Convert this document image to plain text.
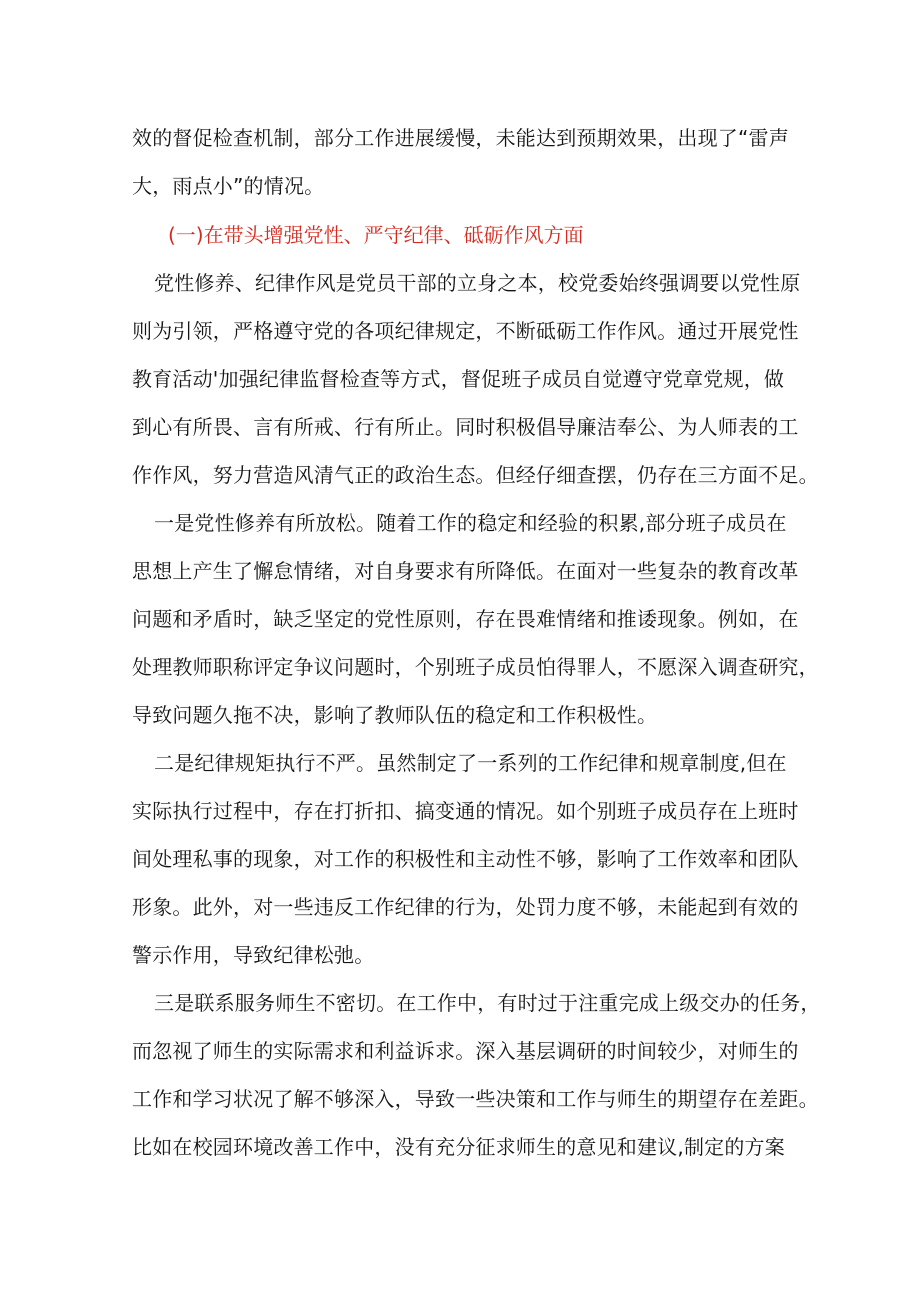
效的督促检查机制，部分工作进展缓慢，未能达到预期效果，出现了“雷声
大，雨点小”的情况。
(一)在带头增强党性、严守纪律、砥砺作风方面
党性修养、纪律作风是党员干部的立身之本，校党委始终强调要以党性原
则为引领，严格遵守党的各项纪律规定，不断砥砺工作作风。通过开展党性
教育活动'加强纪律监督检查等方式，督促班子成员自觉遵守党章党规，做
到心有所畏、言有所戒、行有所止。同时积极倡导廉洁奉公、为人师表的工
作作风，努力营造风清气正的政治生态。但经仔细查摆，仍存在三方面不足。
一是党性修养有所放松。随着工作的稳定和经验的积累,部分班子成员在
思想上产生了懈怠情绪，对自身要求有所降低。在面对一些复杂的教育改革
问题和矛盾时，缺乏坚定的党性原则，存在畏难情绪和推诿现象。例如，在
处理教师职称评定争议问题时，个别班子成员怕得罪人，不愿深入调查研究，
导致问题久拖不决，影响了教师队伍的稳定和工作积极性。
二是纪律规矩执行不严。虽然制定了一系列的工作纪律和规章制度,但在
实际执行过程中，存在打折扣、搞变通的情况。如个别班子成员存在上班时
间处理私事的现象，对工作的积极性和主动性不够，影响了工作效率和团队
形象。此外，对一些违反工作纪律的行为，处罚力度不够，未能起到有效的
警示作用，导致纪律松弛。
三是联系服务师生不密切。在工作中，有时过于注重完成上级交办的任务，
而忽视了师生的实际需求和利益诉求。深入基层调研的时间较少，对师生的
工作和学习状况了解不够深入，导致一些决策和工作与师生的期望存在差距。
比如在校园环境改善工作中，没有充分征求师生的意见和建议,制定的方案
